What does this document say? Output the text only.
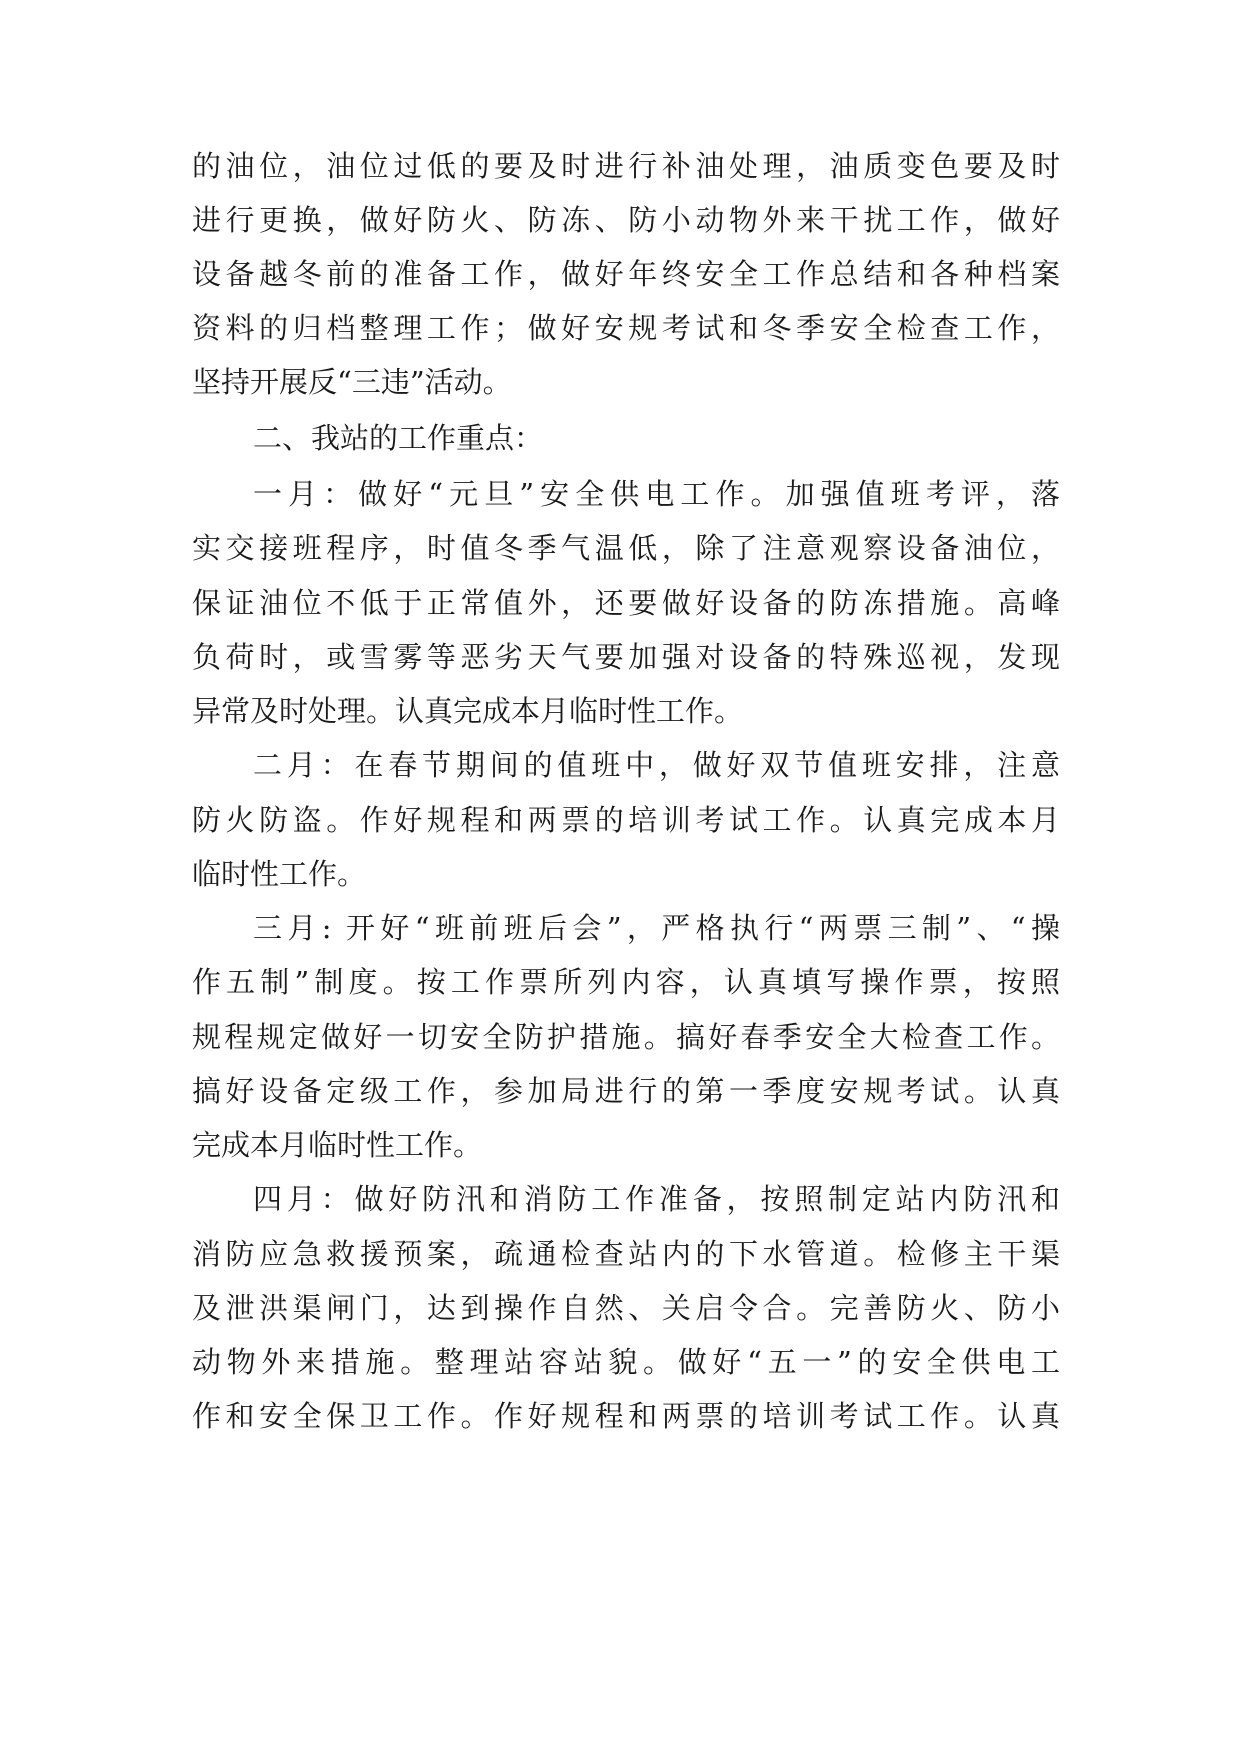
的油位，油位过低的要及时进行补油处理，油质变色要及时
进行更换，做好防火、防冻、防小动物外来干扰工作，做好
设备越冬前的准备工作，做好年终安全工作总结和各种档案
资料的归档整理工作；做好安规考试和冬季安全检查工作，
坚持开展反“三违”活动。
二、我站的工作重点：
一月：做好“元旦”安全供电工作。加强值班考评，落
实交接班程序，时值冬季气温低，除了注意观察设备油位，
保证油位不低于正常值外，还要做好设备的防冻措施。高峰
负荷时，或雪雾等恶劣天气要加强对设备的特殊巡视，发现
异常及时处理。认真完成本月临时性工作。
二月：在春节期间的值班中，做好双节值班安排，注意
防火防盗。作好规程和两票的培训考试工作。认真完成本月
临时性工作。
三月: 开好“班前班后会”，严格执行“两票三制”、“操
作五制”制度。按工作票所列内容，认真填写操作票，按照
规程规定做好一切安全防护措施。搞好春季安全大检查工作。
搞好设备定级工作，参加局进行的第一季度安规考试。认真
完成本月临时性工作。
四月：做好防汛和消防工作准备，按照制定站内防汛和
消防应急救援预案，疏通检查站内的下水管道。检修主干渠
及泄洪渠闸门，达到操作自然、关启令合。完善防火、防小
动物外来措施。整理站容站貌。做好“五一”的安全供电工
作和安全保卫工作。作好规程和两票的培训考试工作。认真
